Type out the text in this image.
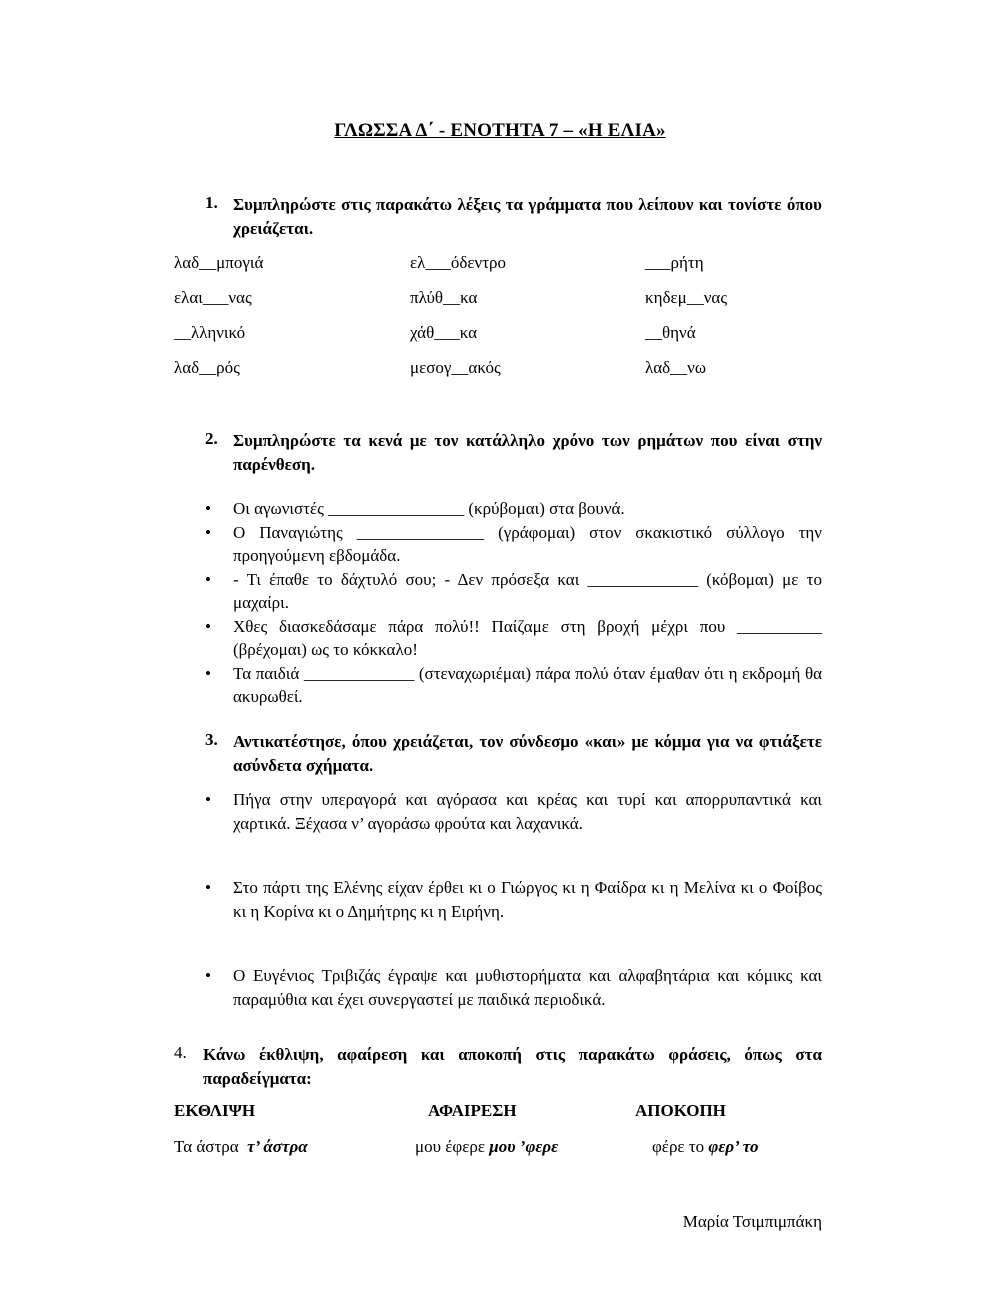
ΓΛΩΣΣΑ Δ΄ - ΕΝΟΤΗΤΑ 7 – «Η ΕΛΙΑ»
1. Συμπληρώστε στις παρακάτω λέξεις τα γράμματα που λείπουν και τονίστε όπου χρειάζεται.
λαδ__μπογιά	ελ___όδεντρο	___ρήτη
ελαι___νας	πλύθ__κα	κηδεμ__νας
__λληνικό	χάθ___κα	__θηνά
λαδ__ρός	μεσογ__ακός	λαδ__νω
2. Συμπληρώστε τα κενά με τον κατάλληλο χρόνο των ρημάτων που είναι στην παρένθεση.
• Οι αγωνιστές ________________ (κρύβομαι) στα βουνά.
• Ο Παναγιώτης _______________ (γράφομαι) στον σκακιστικό σύλλογο την προηγούμενη εβδομάδα.
• - Τι έπαθε το δάχτυλό σου; - Δεν πρόσεξα και _____________ (κόβομαι) με το μαχαίρι.
• Χθες διασκεδάσαμε πάρα πολύ!! Παίζαμε στη βροχή μέχρι που __________ (βρέχομαι) ως το κόκκαλο!
• Τα παιδιά _____________ (στεναχωριέμαι) πάρα πολύ όταν έμαθαν ότι η εκδρομή θα ακυρωθεί.
3. Αντικατέστησε, όπου χρειάζεται, τον σύνδεσμο «και» με κόμμα για να φτιάξετε ασύνδετα σχήματα.
• Πήγα στην υπεραγορά και αγόρασα και κρέας και τυρί και απορρυπαντικά και χαρτικά. Ξέχασα ν’ αγοράσω φρούτα και λαχανικά.
• Στο πάρτι της Ελένης είχαν έρθει κι ο Γιώργος κι η Φαίδρα κι η Μελίνα κι ο Φοίβος κι η Κορίνα κι ο Δημήτρης κι η Ειρήνη.
• Ο Ευγένιος Τριβιζάς έγραψε και μυθιστορήματα και αλφαβητάρια και κόμικς και παραμύθια και έχει συνεργαστεί με παιδικά περιοδικά.
4. Κάνω έκθλιψη, αφαίρεση και αποκοπή στις παρακάτω φράσεις, όπως στα παραδείγματα:
ΕΚΘΛΙΨΗ	ΑΦΑΙΡΕΣΗ	ΑΠΟΚΟΠΗ
Τα άστρα τ’ άστρα	μου έφερε μου ’φερε	φέρε το φερ’ το
Μαρία Τσιμπιμπάκη
